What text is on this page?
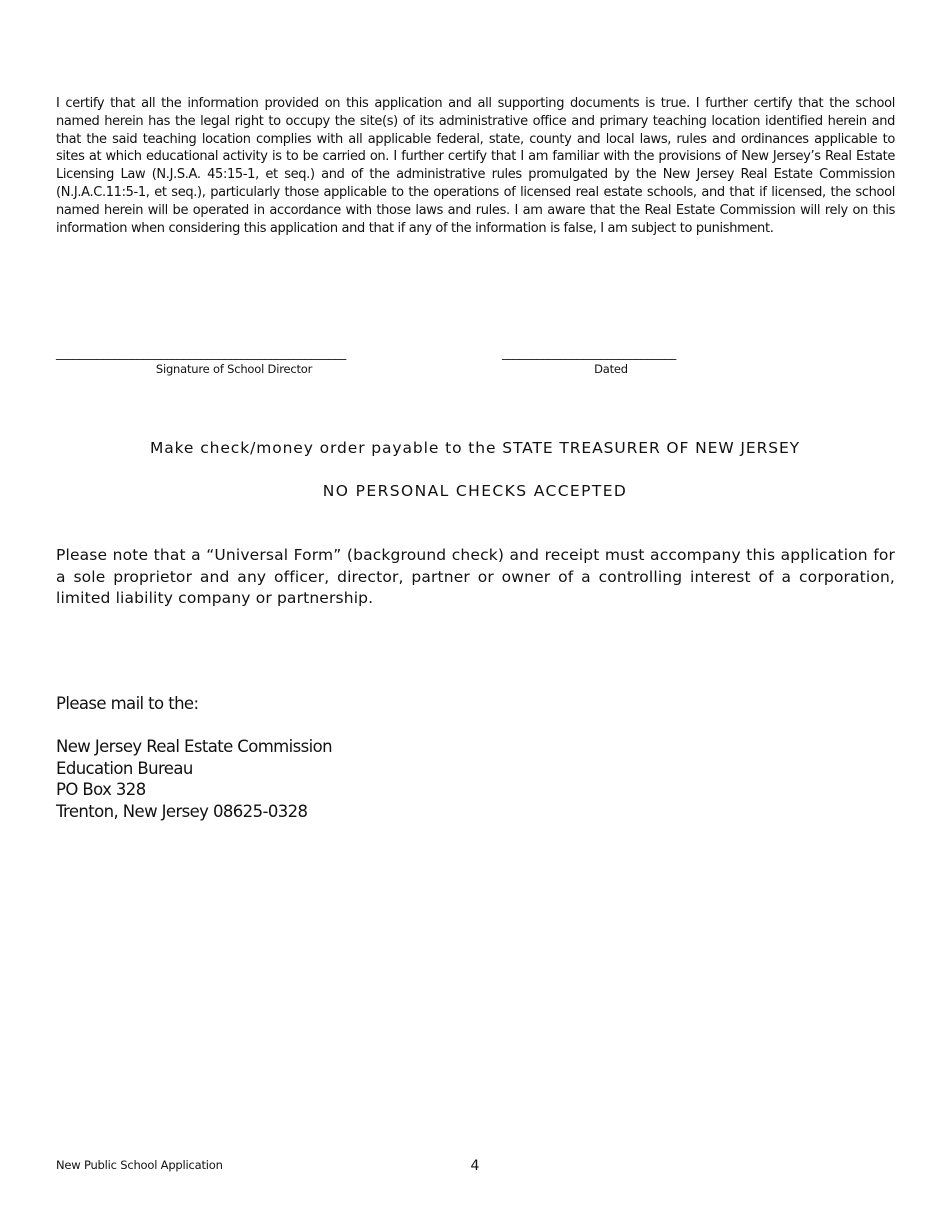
I certify that all the information provided on this application and all supporting documents is true. I further certify that the school named herein has the legal right to occupy the site(s) of its administrative office and primary teaching location identified herein and that the said teaching location complies with all applicable federal, state, county and local laws, rules and ordinances applicable to sites at which educational activity is to be carried on. I further certify that I am familiar with the provisions of New Jersey’s Real Estate Licensing Law (N.J.S.A. 45:15-1, et seq.) and of the administrative rules promulgated by the New Jersey Real Estate Commission (N.J.A.C.11:5-1, et seq.), particularly those applicable to the operations of licensed real estate schools, and that if licensed, the school named herein will be operated in accordance with those laws and rules. I am aware that the Real Estate Commission will rely on this information when considering this application and that if any of the information is false, I am subject to punishment.

__________________________________________________
Signature of School Director
______________________________
Dated
Make check/money order payable to the STATE TREASURER OF NEW JERSEY
NO PERSONAL CHECKS ACCEPTED

Please note that a “Universal Form” (background check) and receipt must accompany this application for a sole proprietor and any officer, director, partner or owner of a controlling interest of a corporation, limited liability company or partnership.

Please mail to the:
New Jersey Real Estate Commission
Education Bureau
PO Box 328
Trenton, New Jersey 08625-0328
New Public School Application	4
